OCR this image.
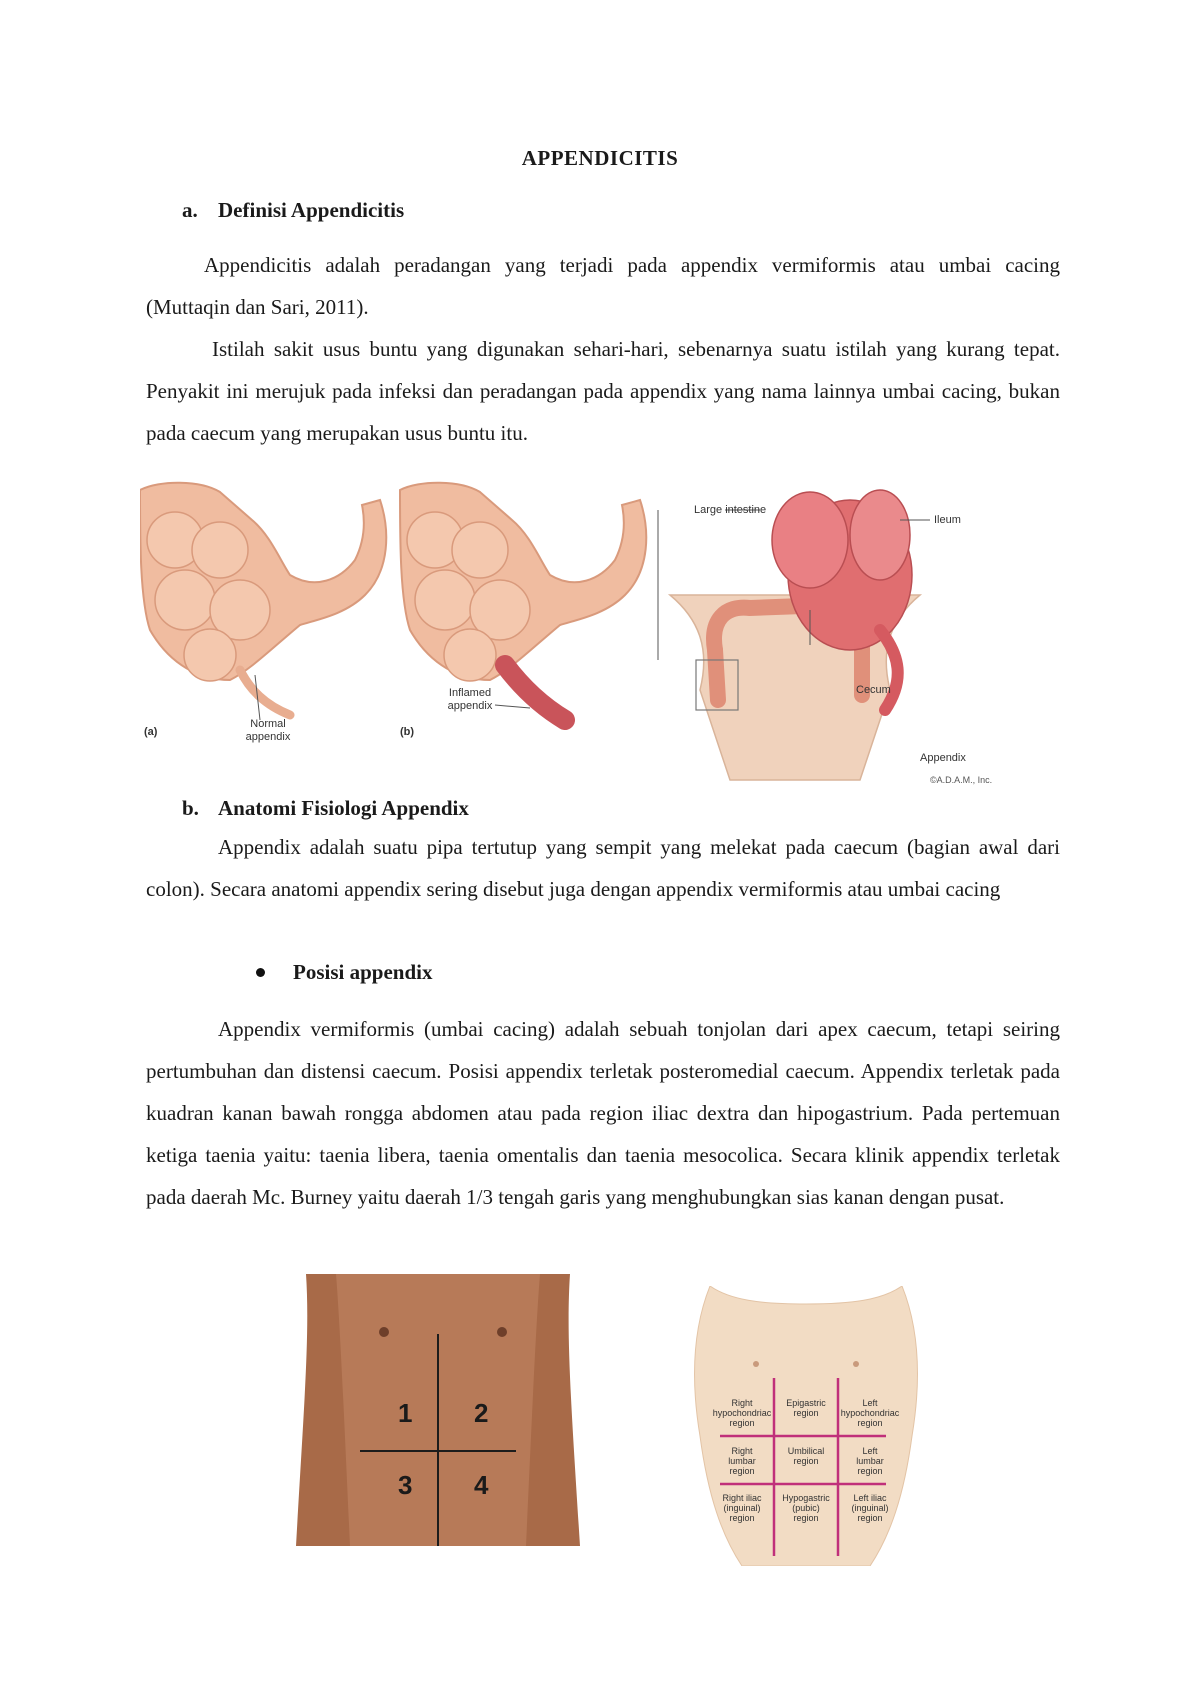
APPENDICITIS
a. Definisi Appendicitis
Appendicitis adalah peradangan yang terjadi pada appendix vermiformis atau umbai cacing (Muttaqin dan Sari, 2011).
Istilah sakit usus buntu yang digunakan sehari-hari, sebenarnya suatu istilah yang kurang tepat. Penyakit ini merujuk pada infeksi dan peradangan pada appendix yang nama lainnya umbai cacing, bukan pada caecum yang merupakan usus buntu itu.
(a)
Normal
appendix	(b)
Inflamed
appendix
Large intestine
Ileum
Cecum
Appendix
©A.D.A.M., Inc.
b. Anatomi Fisiologi Appendix
Appendix adalah suatu pipa tertutup yang sempit yang melekat pada caecum (bagian awal dari colon). Secara anatomi appendix sering disebut juga dengan appendix vermiformis atau umbai cacing
Posisi appendix
Appendix vermiformis (umbai cacing) adalah sebuah tonjolan dari apex caecum, tetapi seiring pertumbuhan dan distensi caecum. Posisi appendix terletak posteromedial caecum. Appendix terletak pada kuadran kanan bawah rongga abdomen atau pada region iliac dextra dan hipogastrium. Pada pertemuan ketiga taenia yaitu: taenia libera, taenia omentalis dan taenia mesocolica. Secara klinik appendix terletak pada daerah Mc. Burney yaitu daerah 1/3 tengah garis yang menghubungkan sias kanan dengan pusat.
1 2
3 4
Right
hypochondriac
region
Epigastric
region
Left
hypochondriac
region
Right
lumbar
region
Umbilical
region
Left
lumbar
region
Right iliac
(inguinal)
region
Hypogastric
(pubic)
region
Left iliac
(inguinal)
region
